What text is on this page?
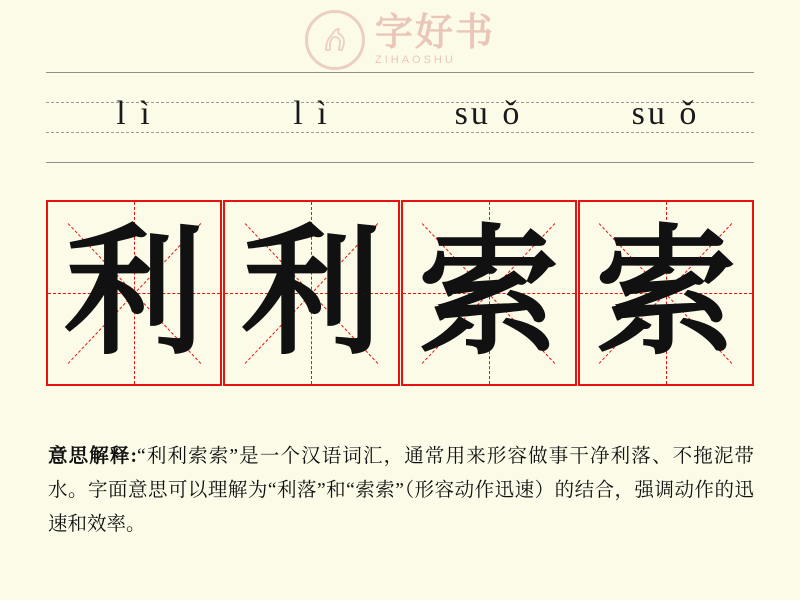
字好书
ZIHAOSHU
l ì	l ì	su ǒ	su ǒ
利 利 索 索
意思解释:“利利索索”是一个汉语词汇，通常用来形容做事干净利落、不拖泥带水。字面意思可以理解为“利落”和“索索”（形容动作迅速）的结合，强调动作的迅速和效率。
